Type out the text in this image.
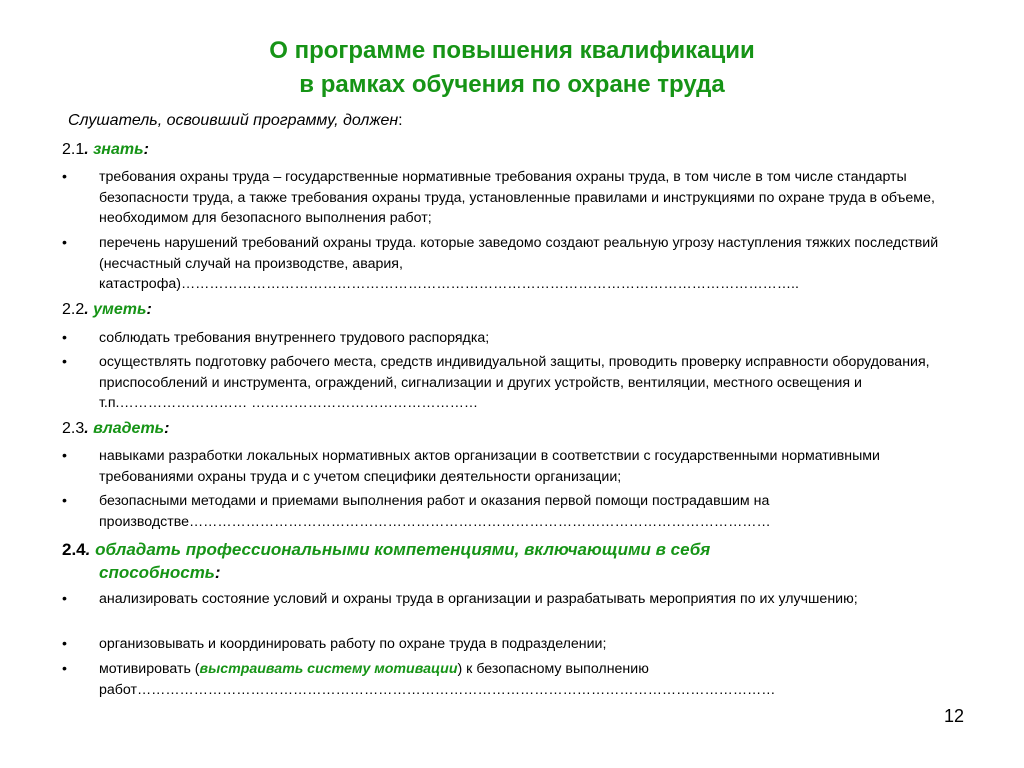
О программе повышения квалификации
в рамках обучения по охране труда
Слушатель, освоивший программу, должен:
2.1. знать:
•	требования охраны труда – государственные нормативные требования охраны труда, в том числе в том числе стандарты безопасности труда, а также требования охраны труда, установленные правилами и инструкциями по охране труда в объеме, необходимом для безопасного выполнения работ;
•	перечень нарушений требований охраны труда. которые заведомо создают реальную угрозу наступления тяжких последствий (несчастный случай на производстве, авария, катастрофа)…………………………………………………………………………………………………………………..
2.2. уметь:
•	соблюдать требования внутреннего трудового распорядка;
•	осуществлять подготовку рабочего места, средств индивидуальной защиты, проводить проверку исправности оборудования, приспособлений и инструмента, ограждений, сигнализации и других устройств, вентиляции, местного освещения и т.п.……………………… …………………………………………
2.3. владеть:
•	навыками разработки локальных нормативных актов организации в соответствии с государственными нормативными требованиями охраны труда и с учетом специфики деятельности организации;
•	безопасными методами и приемами выполнения работ и оказания первой помощи пострадавшим на производстве……………………………………………………………………………………………………………
2.4. обладать профессиональными компетенциями, включающими в себя
способность:
•	анализировать состояние условий и охраны труда в организации и разрабатывать мероприятия по их улучшению;
•	организовывать и координировать работу по охране труда в подразделении;
•	мотивировать (выстраивать систему мотивации) к безопасному выполнению работ………………………………………………………………………………………………………………………
12
